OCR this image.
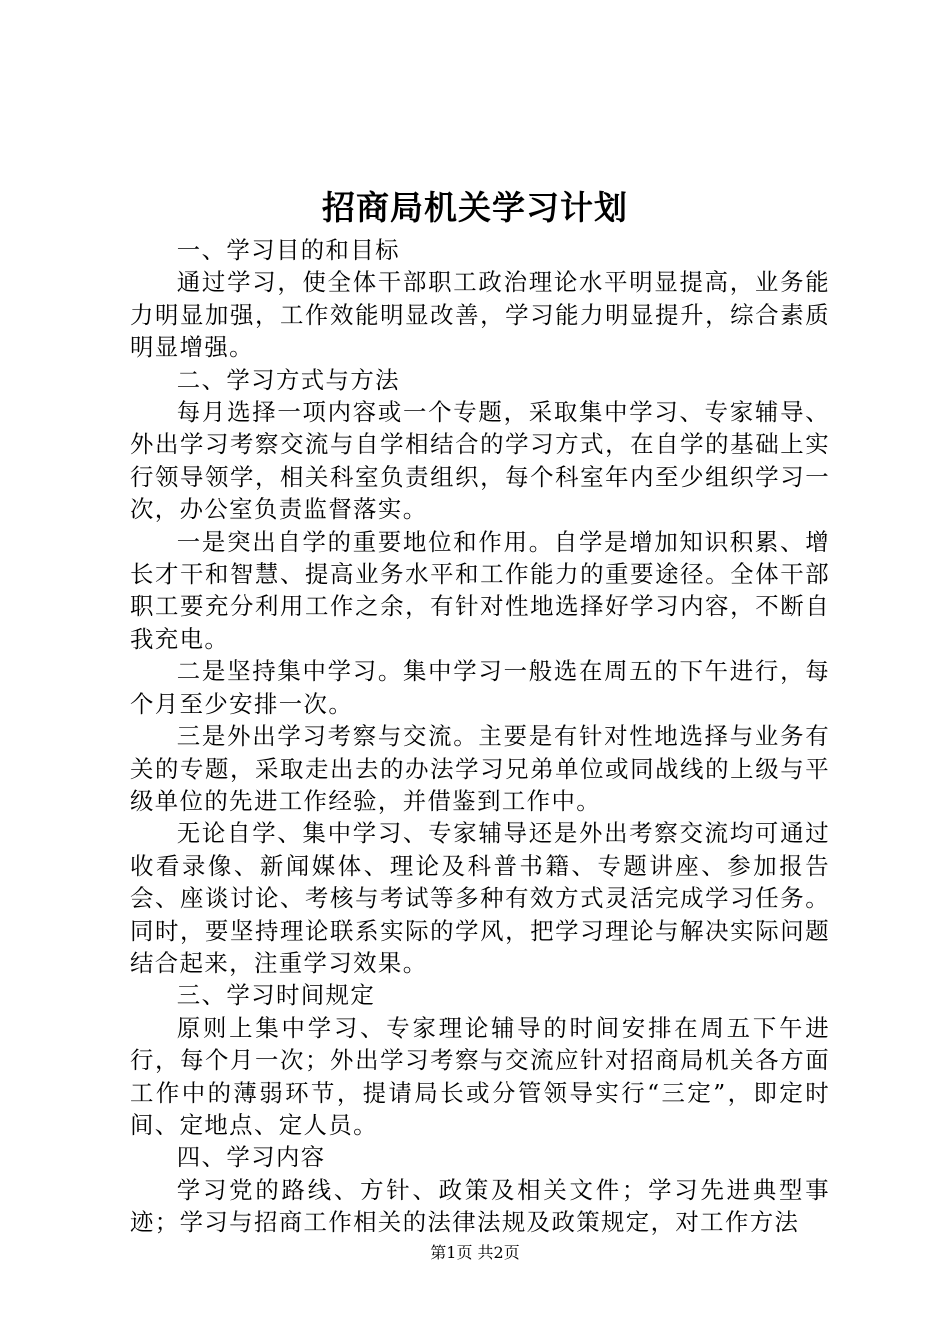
招商局机关学习计划

一、学习目的和目标

通过学习，使全体干部职工政治理论水平明显提高，业务能力明显加强，工作效能明显改善，学习能力明显提升，综合素质明显增强。

二、学习方式与方法

每月选择一项内容或一个专题，采取集中学习、专家辅导、外出学习考察交流与自学相结合的学习方式，在自学的基础上实行领导领学，相关科室负责组织，每个科室年内至少组织学习一次，办公室负责监督落实。

一是突出自学的重要地位和作用。自学是增加知识积累、增长才干和智慧、提高业务水平和工作能力的重要途径。全体干部职工要充分利用工作之余，有针对性地选择好学习内容，不断自我充电。

二是坚持集中学习。集中学习一般选在周五的下午进行，每个月至少安排一次。

三是外出学习考察与交流。主要是有针对性地选择与业务有关的专题，采取走出去的办法学习兄弟单位或同战线的上级与平级单位的先进工作经验，并借鉴到工作中。

无论自学、集中学习、专家辅导还是外出考察交流均可通过收看录像、新闻媒体、理论及科普书籍、专题讲座、参加报告会、座谈讨论、考核与考试等多种有效方式灵活完成学习任务。同时，要坚持理论联系实际的学风，把学习理论与解决实际问题结合起来，注重学习效果。

三、学习时间规定

原则上集中学习、专家理论辅导的时间安排在周五下午进行，每个月一次；外出学习考察与交流应针对招商局机关各方面工作中的薄弱环节，提请局长或分管领导实行“三定”，即定时间、定地点、定人员。

四、学习内容

学习党的路线、方针、政策及相关文件；学习先进典型事迹；学习与招商工作相关的法律法规及政策规定，对工作方法

第1页 共2页
